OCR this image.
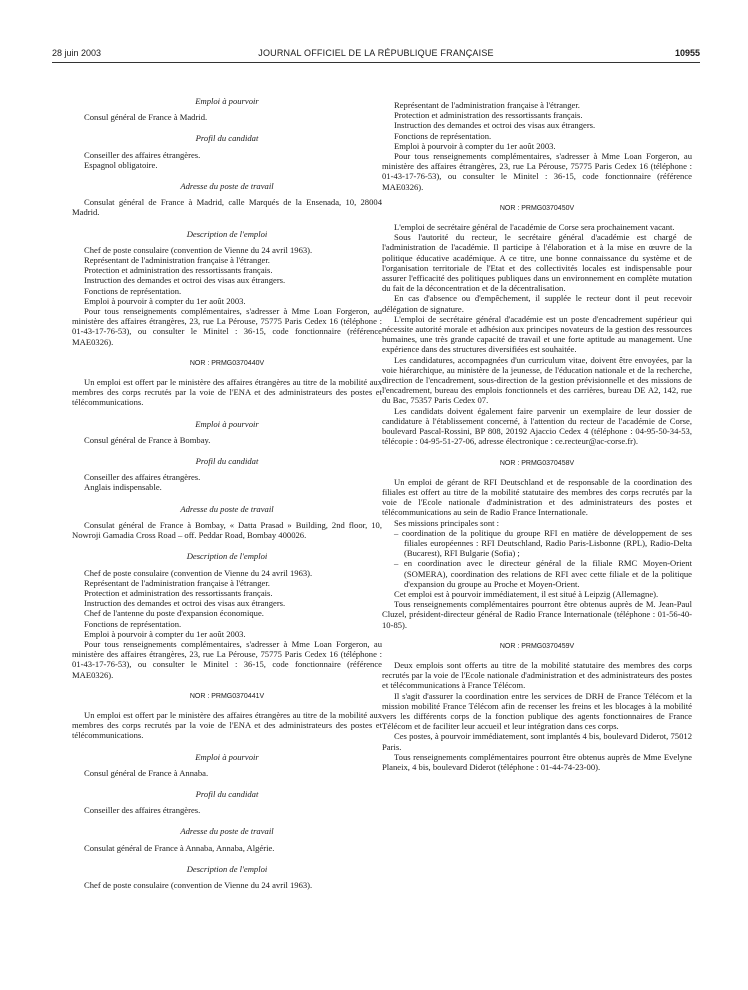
28 juin 2003	JOURNAL OFFICIEL DE LA RÉPUBLIQUE FRANÇAISE	10955
Emploi à pourvoir
Consul général de France à Madrid.
Profil du candidat
Conseiller des affaires étrangères.
Espagnol obligatoire.
Adresse du poste de travail
Consulat général de France à Madrid, calle Marqués de la Ensenada, 10, 28004 Madrid.
Description de l'emploi
Chef de poste consulaire (convention de Vienne du 24 avril 1963).
Représentant de l'administration française à l'étranger.
Protection et administration des ressortissants français.
Instruction des demandes et octroi des visas aux étrangers.
Fonctions de représentation.
Emploi à pourvoir à compter du 1er août 2003.
Pour tous renseignements complémentaires, s'adresser à Mme Loan Forgeron, au ministère des affaires étrangères, 23, rue La Pérouse, 75775 Paris Cedex 16 (téléphone : 01-43-17-76-53), ou consulter le Minitel : 36-15, code fonctionnaire (référence MAE0326).
NOR : PRMG0370440V
Un emploi est offert par le ministère des affaires étrangères au titre de la mobilité aux membres des corps recrutés par la voie de l'ENA et des administrateurs des postes et télécommunications.
Emploi à pourvoir
Consul général de France à Bombay.
Profil du candidat
Conseiller des affaires étrangères.
Anglais indispensable.
Adresse du poste de travail
Consulat général de France à Bombay, « Datta Prasad » Building, 2nd floor, 10, Nowroji Gamadia Cross Road – off. Peddar Road, Bombay 400026.
Description de l'emploi
Chef de poste consulaire (convention de Vienne du 24 avril 1963).
Représentant de l'administration française à l'étranger.
Protection et administration des ressortissants français.
Instruction des demandes et octroi des visas aux étrangers.
Chef de l'antenne du poste d'expansion économique.
Fonctions de représentation.
Emploi à pourvoir à compter du 1er août 2003.
Pour tous renseignements complémentaires, s'adresser à Mme Loan Forgeron, au ministère des affaires étrangères, 23, rue La Pérouse, 75775 Paris Cedex 16 (téléphone : 01-43-17-76-53), ou consulter le Minitel : 36-15, code fonctionnaire (référence MAE0326).
NOR : PRMG0370441V
Un emploi est offert par le ministère des affaires étrangères au titre de la mobilité aux membres des corps recrutés par la voie de l'ENA et des administrateurs des postes et télécommunications.
Emploi à pourvoir
Consul général de France à Annaba.
Profil du candidat
Conseiller des affaires étrangères.
Adresse du poste de travail
Consulat général de France à Annaba, Annaba, Algérie.
Description de l'emploi
Chef de poste consulaire (convention de Vienne du 24 avril 1963).
Représentant de l'administration française à l'étranger.
Protection et administration des ressortissants français.
Instruction des demandes et octroi des visas aux étrangers.
Fonctions de représentation.
Emploi à pourvoir à compter du 1er août 2003.
Pour tous renseignements complémentaires, s'adresser à Mme Loan Forgeron, au ministère des affaires étrangères, 23, rue La Pérouse, 75775 Paris Cedex 16 (téléphone : 01-43-17-76-53), ou consulter le Minitel : 36-15, code fonctionnaire (référence MAE0326).
NOR : PRMG0370450V
L'emploi de secrétaire général de l'académie de Corse sera prochainement vacant.
Sous l'autorité du recteur, le secrétaire général d'académie est chargé de l'administration de l'académie. Il participe à l'élaboration et à la mise en œuvre de la politique éducative académique. A ce titre, une bonne connaissance du système et de l'organisation territoriale de l'Etat et des collectivités locales est indispensable pour assurer l'efficacité des politiques publiques dans un environnement en complète mutation du fait de la déconcentration et de la décentralisation.
En cas d'absence ou d'empêchement, il supplée le recteur dont il peut recevoir délégation de signature.
L'emploi de secrétaire général d'académie est un poste d'encadrement supérieur qui nécessite autorité morale et adhésion aux principes novateurs de la gestion des ressources humaines, une très grande capacité de travail et une forte aptitude au management. Une expérience dans des structures diversifiées est souhaitée.
Les candidatures, accompagnées d'un curriculum vitae, doivent être envoyées, par la voie hiérarchique, au ministère de la jeunesse, de l'éducation nationale et de la recherche, direction de l'encadrement, sous-direction de la gestion prévisionnelle et des missions de l'encadrement, bureau des emplois fonctionnels et des carrières, bureau DE A2, 142, rue du Bac, 75357 Paris Cedex 07.
Les candidats doivent également faire parvenir un exemplaire de leur dossier de candidature à l'établissement concerné, à l'attention du recteur de l'académie de Corse, boulevard Pascal-Rossini, BP 808, 20192 Ajaccio Cedex 4 (téléphone : 04-95-50-34-53, télécopie : 04-95-51-27-06, adresse électronique : ce.recteur@ac-corse.fr).
NOR : PRMG0370458V
Un emploi de gérant de RFI Deutschland et de responsable de la coordination des filiales est offert au titre de la mobilité statutaire des membres des corps recrutés par la voie de l'Ecole nationale d'administration et des administrateurs des postes et télécommunications au sein de Radio France Internationale.
Ses missions principales sont :
– coordination de la politique du groupe RFI en matière de développement de ses filiales européennes : RFI Deutschland, Radio Paris-Lisbonne (RPL), Radio-Delta (Bucarest), RFI Bulgarie (Sofia) ;
– en coordination avec le directeur général de la filiale RMC Moyen-Orient (SOMERA), coordination des relations de RFI avec cette filiale et de la politique d'expansion du groupe au Proche et Moyen-Orient.
Cet emploi est à pourvoir immédiatement, il est situé à Leipzig (Allemagne).
Tous renseignements complémentaires pourront être obtenus auprès de M. Jean-Paul Cluzel, président-directeur général de Radio France Internationale (téléphone : 01-56-40-10-85).
NOR : PRMG0370459V
Deux emplois sont offerts au titre de la mobilité statutaire des membres des corps recrutés par la voie de l'Ecole nationale d'administration et des administrateurs des postes et télécommunications à France Télécom.
Il s'agit d'assurer la coordination entre les services de DRH de France Télécom et la mission mobilité France Télécom afin de recenser les freins et les blocages à la mobilité vers les différents corps de la fonction publique des agents fonctionnaires de France Télécom et de faciliter leur accueil et leur intégration dans ces corps.
Ces postes, à pourvoir immédiatement, sont implantés 4 bis, boulevard Diderot, 75012 Paris.
Tous renseignements complémentaires pourront être obtenus auprès de Mme Evelyne Planeix, 4 bis, boulevard Diderot (téléphone : 01-44-74-23-00).
